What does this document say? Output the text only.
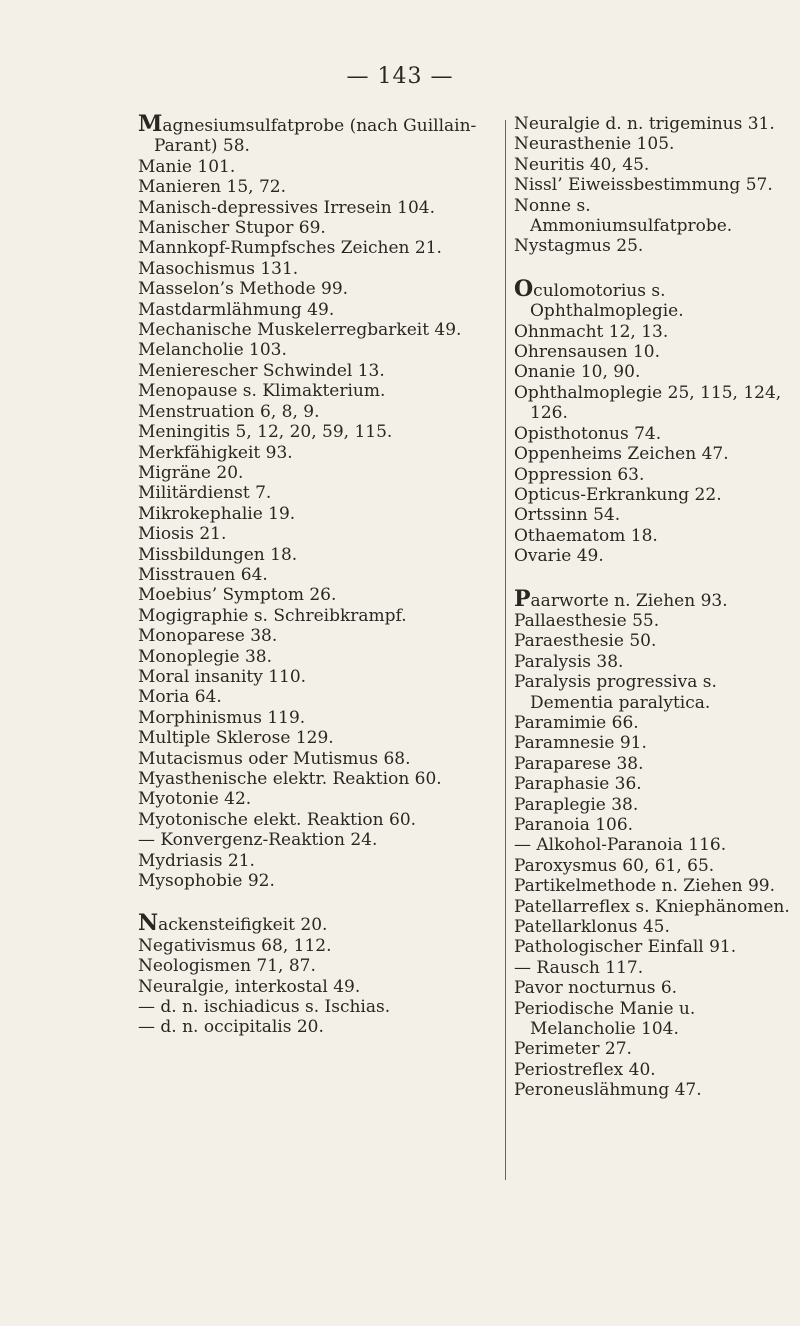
— 143 —
Magnesiumsulfatprobe (nach Guillain-Parant) 58.
Manie 101.
Manieren 15, 72.
Manisch-depressives Irresein 104.
Manischer Stupor 69.
Mannkopf-Rumpfsches Zeichen 21.
Masochismus 131.
Masselon’s Methode 99.
Mastdarmlähmung 49.
Mechanische Muskelerregbarkeit 49.
Melancholie 103.
Menierescher Schwindel 13.
Menopause s. Klimakterium.
Menstruation 6, 8, 9.
Meningitis 5, 12, 20, 59, 115.
Merkfähigkeit 93.
Migräne 20.
Militärdienst 7.
Mikrokephalie 19.
Miosis 21.
Missbildungen 18.
Misstrauen 64.
Moebius’ Symptom 26.
Mogigraphie s. Schreibkrampf.
Monoparese 38.
Monoplegie 38.
Moral insanity 110.
Moria 64.
Morphinismus 119.
Multiple Sklerose 129.
Mutacismus oder Mutismus 68.
Myasthenische elektr. Reaktion 60.
Myotonie 42.
Myotonische elekt. Reaktion 60.
— Konvergenz-Reaktion 24.
Mydriasis 21.
Mysophobie 92.
Nackensteifigkeit 20.
Negativismus 68, 112.
Neologismen 71, 87.
Neuralgie, interkostal 49.
— d. n. ischiadicus s. Ischias.
— d. n. occipitalis 20.
Neuralgie d. n. trigeminus 31.
Neurasthenie 105.
Neuritis 40, 45.
Nissl’ Eiweissbestimmung 57.
Nonne s. Ammoniumsulfatprobe.
Nystagmus 25.
Oculomotorius s. Ophthalmoplegie.
Ohnmacht 12, 13.
Ohrensausen 10.
Onanie 10, 90.
Ophthalmoplegie 25, 115, 124, 126.
Opisthotonus 74.
Oppenheims Zeichen 47.
Oppression 63.
Opticus-Erkrankung 22.
Ortssinn 54.
Othaematom 18.
Ovarie 49.
Paarworte n. Ziehen 93.
Pallaesthesie 55.
Paraesthesie 50.
Paralysis 38.
Paralysis progressiva s. Dementia paralytica.
Paramimie 66.
Paramnesie 91.
Paraparese 38.
Paraphasie 36.
Paraplegie 38.
Paranoia 106.
— Alkohol-Paranoia 116.
Paroxysmus 60, 61, 65.
Partikelmethode n. Ziehen 99.
Patellarreflex s. Kniephänomen.
Patellarklonus 45.
Pathologischer Einfall 91.
— Rausch 117.
Pavor nocturnus 6.
Periodische Manie u. Melancholie 104.
Perimeter 27.
Periostreflex 40.
Peroneuslähmung 47.
